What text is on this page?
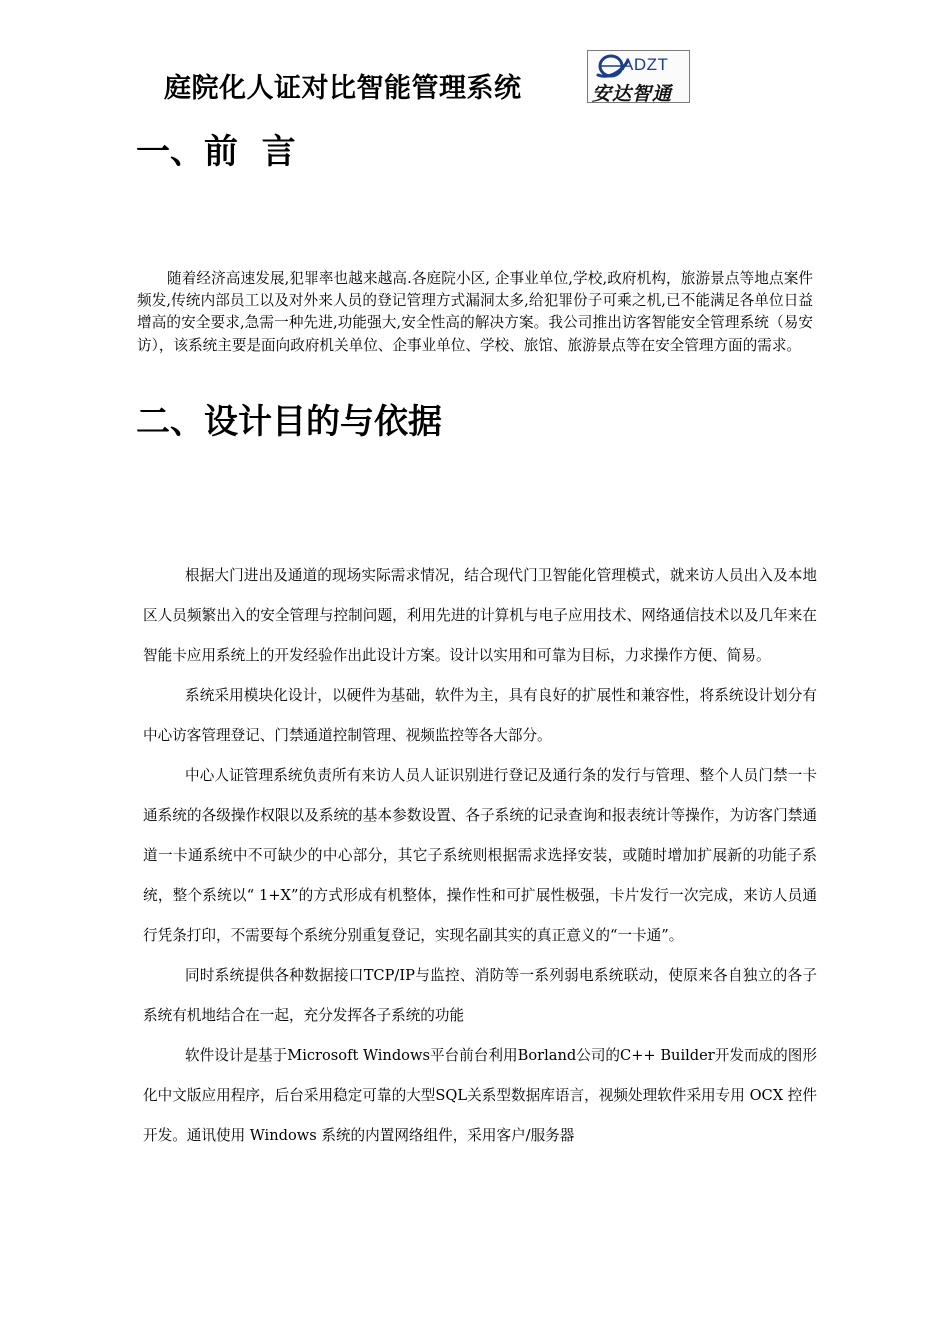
庭院化人证对比智能管理系统
ADZT
安达智通
一、前  言

随着经济高速发展,犯罪率也越来越高.各庭院小区, 企事业单位,学校,政府机构，旅游景点等地点案件频发,传统内部员工以及对外来人员的登记管理方式漏洞太多,给犯罪份子可乘之机,已不能满足各单位日益增高的安全要求,急需一种先进,功能强大,安全性高的解决方案。我公司推出访客智能安全管理系统（易安访），该系统主要是面向政府机关单位、企事业单位、学校、旅馆、旅游景点等在安全管理方面的需求。

二、设计目的与依据

根据大门进出及通道的现场实际需求情况，结合现代门卫智能化管理模式，就来访人员出入及本地区人员频繁出入的安全管理与控制问题，利用先进的计算机与电子应用技术、网络通信技术以及几年来在智能卡应用系统上的开发经验作出此设计方案。设计以实用和可靠为目标，力求操作方便、简易。

系统采用模块化设计，以硬件为基础，软件为主，具有良好的扩展性和兼容性，将系统设计划分有中心访客管理登记、门禁通道控制管理、视频监控等各大部分。

中心人证管理系统负责所有来访人员人证识别进行登记及通行条的发行与管理、整个人员门禁一卡通系统的各级操作权限以及系统的基本参数设置、各子系统的记录查询和报表统计等操作，为访客门禁通道一卡通系统中不可缺少的中心部分，其它子系统则根据需求选择安装，或随时增加扩展新的功能子系统，整个系统以“ 1+X”的方式形成有机整体，操作性和可扩展性极强，卡片发行一次完成，来访人员通行凭条打印，不需要每个系统分别重复登记，实现名副其实的真正意义的“一卡通”。

同时系统提供各种数据接口TCP/IP与监控、消防等一系列弱电系统联动，使原来各自独立的各子系统有机地结合在一起，充分发挥各子系统的功能

软件设计是基于Microsoft Windows平台前台利用Borland公司的C++ Builder开发而成的图形化中文版应用程序，后台采用稳定可靠的大型SQL关系型数据库语言，视频处理软件采用专用 OCX 控件开发。通讯使用 Windows 系统的内置网络组件，采用客户/服务器
